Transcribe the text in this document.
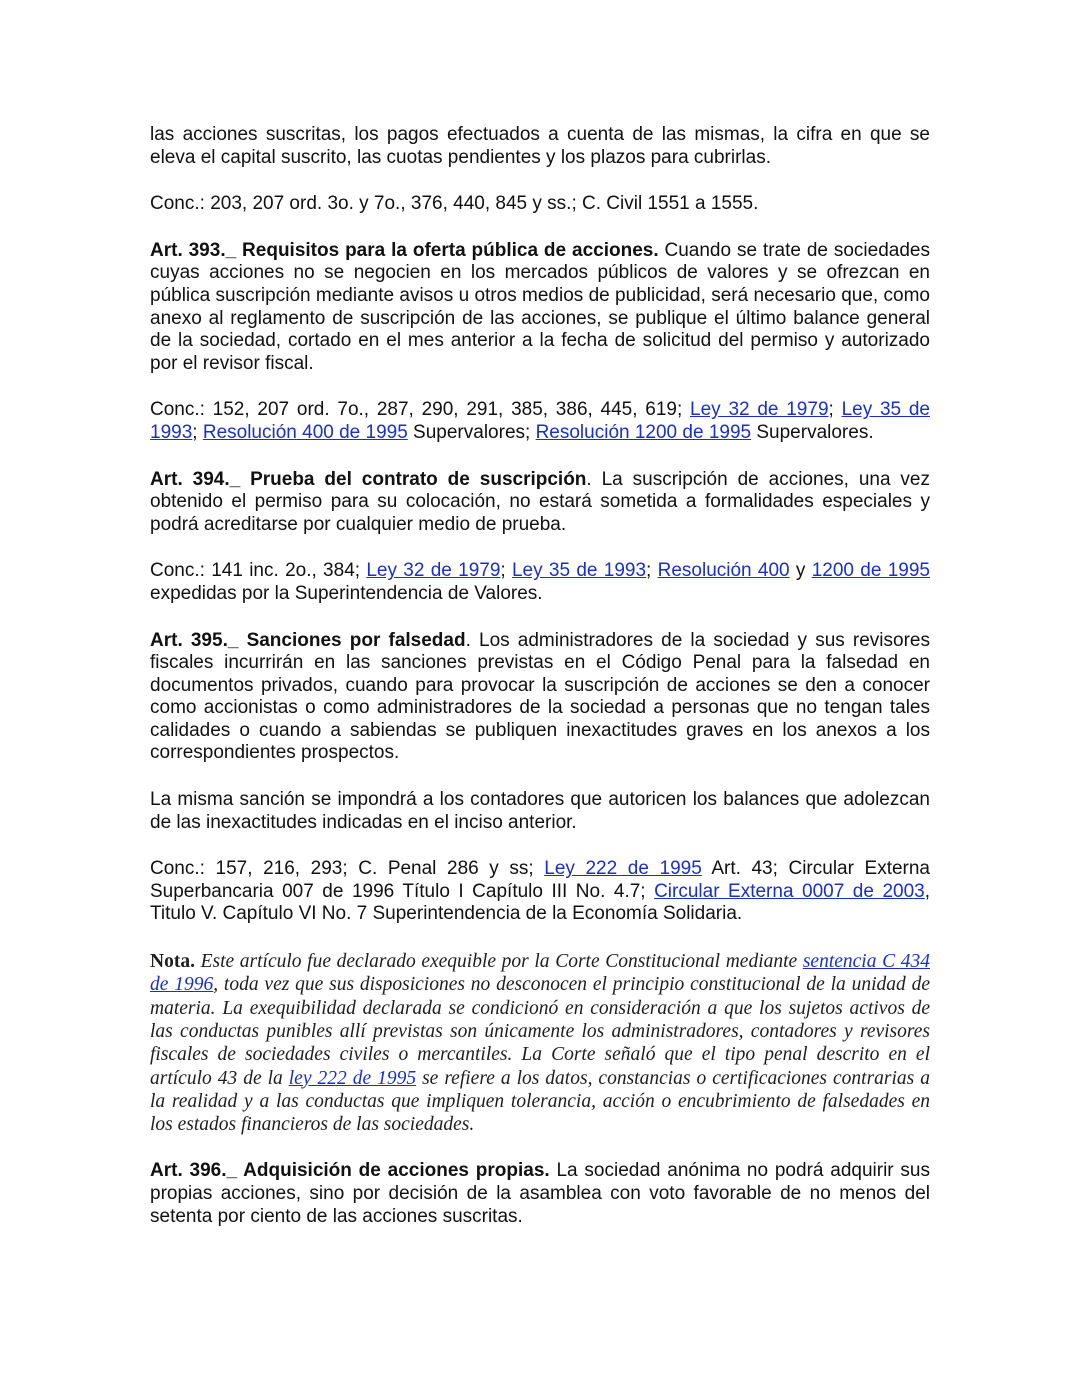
las acciones suscritas, los pagos efectuados a cuenta de las mismas, la cifra en que se eleva el capital suscrito, las cuotas pendientes y los plazos para cubrirlas.

Conc.: 203, 207 ord. 3o. y 7o., 376, 440, 845 y ss.; C. Civil 1551 a 1555.

Art. 393._ Requisitos para la oferta pública de acciones. Cuando se trate de sociedades cuyas acciones no se negocien en los mercados públicos de valores y se ofrezcan en pública suscripción mediante avisos u otros medios de publicidad, será necesario que, como anexo al reglamento de suscripción de las acciones, se publique el último balance general de la sociedad, cortado en el mes anterior a la fecha de solicitud del permiso y autorizado por el revisor fiscal.

Conc.: 152, 207 ord. 7o., 287, 290, 291, 385, 386, 445, 619; Ley 32 de 1979; Ley 35 de 1993; Resolución 400 de 1995 Supervalores; Resolución 1200 de 1995 Supervalores.

Art. 394._ Prueba del contrato de suscripción. La suscripción de acciones, una vez obtenido el permiso para su colocación, no estará sometida a formalidades especiales y podrá acreditarse por cualquier medio de prueba.

Conc.: 141 inc. 2o., 384; Ley 32 de 1979; Ley 35 de 1993; Resolución 400 y 1200 de 1995 expedidas por la Superintendencia de Valores.

Art. 395._ Sanciones por falsedad. Los administradores de la sociedad y sus revisores fiscales incurrirán en las sanciones previstas en el Código Penal para la falsedad en documentos privados, cuando para provocar la suscripción de acciones se den a conocer como accionistas o como administradores de la sociedad a personas que no tengan tales calidades o cuando a sabiendas se publiquen inexactitudes graves en los anexos a los correspondientes prospectos.

La misma sanción se impondrá a los contadores que autoricen los balances que adolezcan de las inexactitudes indicadas en el inciso anterior.

Conc.: 157, 216, 293; C. Penal 286 y ss; Ley 222 de 1995 Art. 43; Circular Externa Superbancaria 007 de 1996 Título I Capítulo III No. 4.7; Circular Externa 0007 de 2003, Titulo V. Capítulo VI No. 7 Superintendencia de la Economía Solidaria.

Nota. Este artículo fue declarado exequible por la Corte Constitucional mediante sentencia C 434 de 1996, toda vez que sus disposiciones no desconocen el principio constitucional de la unidad de materia. La exequibilidad declarada se condicionó en consideración a que los sujetos activos de las conductas punibles allí previstas son únicamente los administradores, contadores y revisores fiscales de sociedades civiles o mercantiles. La Corte señaló que el tipo penal descrito en el artículo 43 de la ley 222 de 1995 se refiere a los datos, constancias o certificaciones contrarias a la realidad y a las conductas que impliquen tolerancia, acción o encubrimiento de falsedades en los estados financieros de las sociedades.

Art. 396._ Adquisición de acciones propias. La sociedad anónima no podrá adquirir sus propias acciones, sino por decisión de la asamblea con voto favorable de no menos del setenta por ciento de las acciones suscritas.
